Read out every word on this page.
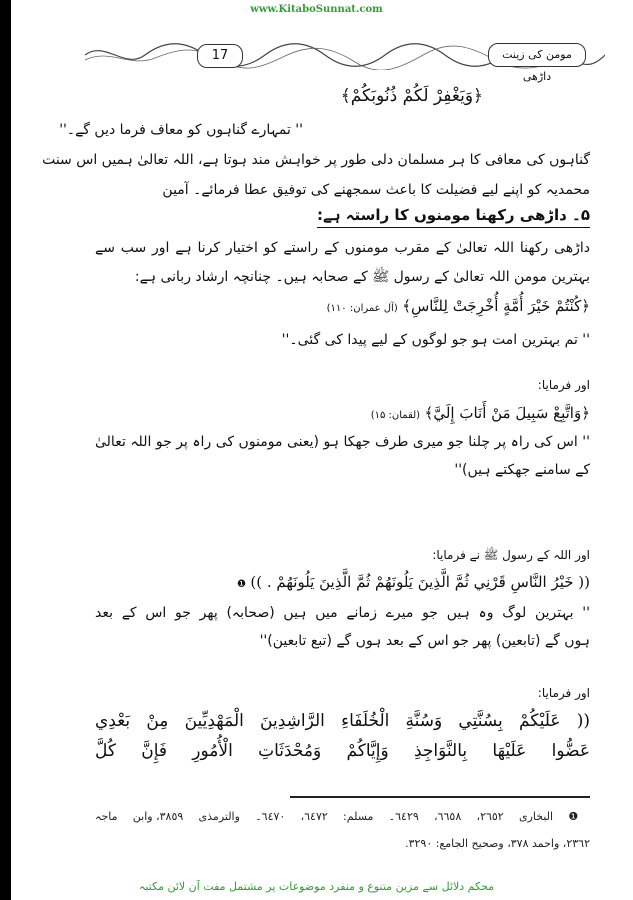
www.KitaboSunnat.com
17	مومن کی زینت داڑھی
﴿وَيَغْفِرْ لَكُمْ ذُنُوبَكُمْ﴾
'' تمہارے گناہوں کو معاف فرما دیں گے۔''
گناہوں کی معافی کا ہر مسلمان دلی طور پر خواہش مند ہوتا ہے، اللہ تعالیٰ ہمیں اس سنت
محمدیہ کو اپنے لیے فضیلت کا باعث سمجھنے کی توفیق عطا فرمائے۔ آمین
۵۔ داڑھی رکھنا مومنوں کا راستہ ہے:
داڑھی رکھنا اللہ تعالیٰ کے مقرب مومنوں کے راستے کو اختیار کرنا ہے اور سب سے
بہترین مومن اللہ تعالیٰ کے رسول ﷺ کے صحابہ ہیں۔ چنانچہ ارشاد ربانی ہے:
﴿كُنْتُمْ خَيْرَ أُمَّةٍ أُخْرِجَتْ لِلنَّاسِ﴾ (آل عمران: ۱۱۰)
'' تم بہترین امت ہو جو لوگوں کے لیے پیدا کی گئی۔''
اور فرمایا:
﴿وَاتَّبِعْ سَبِيلَ مَنْ أَنَابَ إِلَيَّ﴾ (لقمان: ۱۵)
'' اس کی راہ پر چلنا جو میری طرف جھکا ہو (یعنی مومنوں کی راہ پر جو اللہ تعالیٰ
کے سامنے جھکتے ہیں)''
اور اللہ کے رسول ﷺ نے فرمایا:
(( خَيْرُ النَّاسِ قَرْنِي ثُمَّ الَّذِينَ يَلُونَهُمْ ثُمَّ الَّذِينَ يَلُونَهُمْ . )) ❶
'' بہترین لوگ وہ ہیں جو میرے زمانے میں ہیں (صحابہ) پھر جو اس کے بعد
ہوں گے (تابعین) پھر جو اس کے بعد ہوں گے (تبع تابعین)''
اور فرمایا:
(( عَلَيْكُمْ بِسُنَّتِي وَسُنَّةِ الْخُلَفَاءِ الرَّاشِدِينَ الْمَهْدِيِّينَ مِنْ بَعْدِي
عَضُّوا عَلَيْهَا بِالنَّوَاجِذِ وَإِيَّاكُمْ وَمُحْدَثَاتِ الْأُمُورِ فَإِنَّ كُلَّ
❶ البخاری ۲٦٥۲، ٦٦٥۸، ٦٤۲۹۔ مسلم: ٦٤٧۲، ٦٤٧٠۔ والترمذی ۳۸٥۹، وابن ماجہ
۲۳٦۲، واحمد ۳۷۸، وصحیح الجامع: ۳۲۹٠.
محکم دلائل سے مزین متنوع و منفرد موضوعات پر مشتمل مفت آن لائن مکتبہ
